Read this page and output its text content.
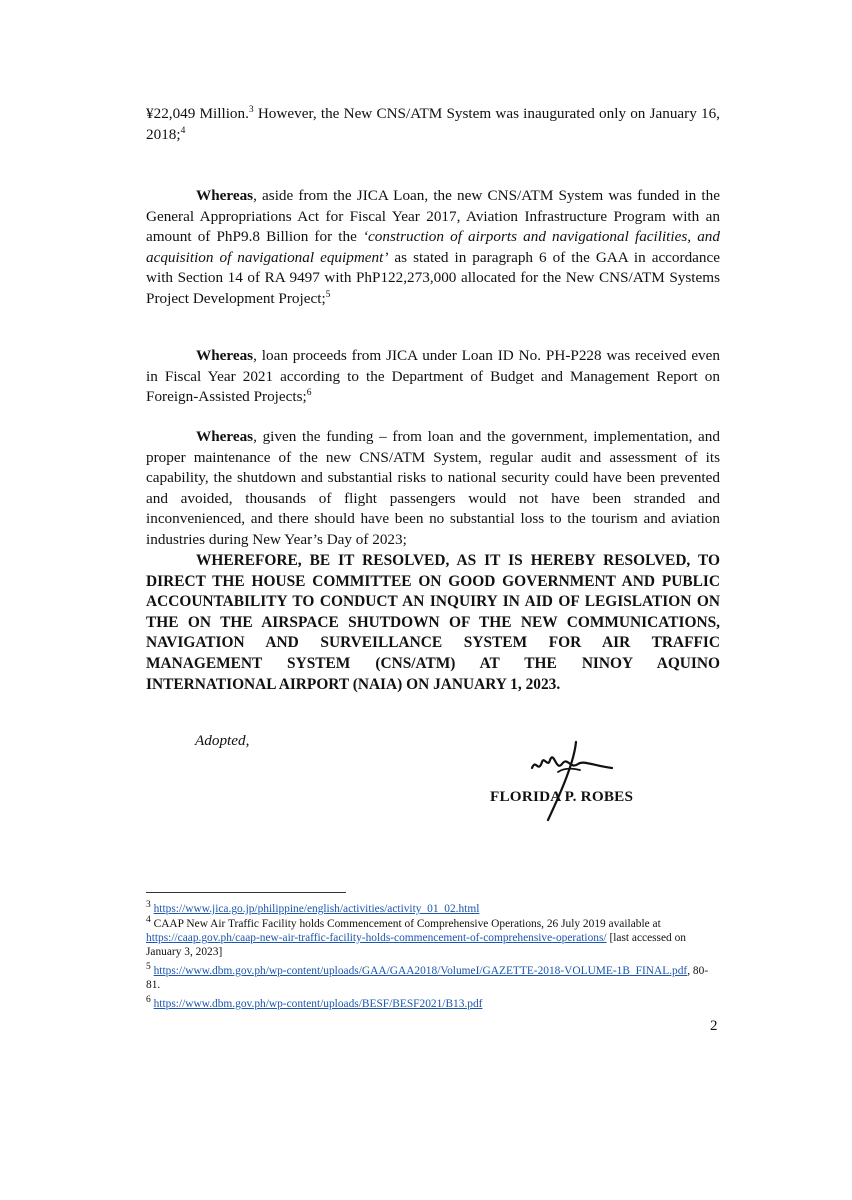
¥22,049 Million.$^3$ However, the New CNS/ATM System was inaugurated only on January 16, 2018;$^4$

Whereas, aside from the JICA Loan, the new CNS/ATM System was funded in the General Appropriations Act for Fiscal Year 2017, Aviation Infrastructure Program with an amount of PhP9.8 Billion for the ‘construction of airports and navigational facilities, and acquisition of navigational equipment’ as stated in paragraph 6 of the GAA in accordance with Section 14 of RA 9497 with PhP122,273,000 allocated for the New CNS/ATM Systems Project Development Project;$^5$

Whereas, loan proceeds from JICA under Loan ID No. PH-P228 was received even in Fiscal Year 2021 according to the Department of Budget and Management Report on Foreign-Assisted Projects;$^6$

Whereas, given the funding – from loan and the government, implementation, and proper maintenance of the new CNS/ATM System, regular audit and assessment of its capability, the shutdown and substantial risks to national security could have been prevented and avoided, thousands of flight passengers would not have been stranded and inconvenienced, and there should have been no substantial loss to the tourism and aviation industries during New Year’s Day of 2023;

WHEREFORE, BE IT RESOLVED, AS IT IS HEREBY RESOLVED, TO DIRECT THE HOUSE COMMITTEE ON GOOD GOVERNMENT AND PUBLIC ACCOUNTABILITY TO CONDUCT AN INQUIRY IN AID OF LEGISLATION ON THE ON THE AIRSPACE SHUTDOWN OF THE NEW COMMUNICATIONS, NAVIGATION AND SURVEILLANCE SYSTEM FOR AIR TRAFFIC MANAGEMENT SYSTEM (CNS/ATM) AT THE NINOY AQUINO INTERNATIONAL AIRPORT (NAIA) ON JANUARY 1, 2023.

Adopted,
FLORIDA P. ROBES
$^3$ https://www.jica.go.jp/philippine/english/activities/activity_01_02.html
$^4$ CAAP New Air Traffic Facility holds Commencement of Comprehensive Operations, 26 July 2019 available at https://caap.gov.ph/caap-new-air-traffic-facility-holds-commencement-of-comprehensive-operations/ [last accessed on January 3, 2023]
$^5$ https://www.dbm.gov.ph/wp-content/uploads/GAA/GAA2018/VolumeI/GAZETTE-2018-VOLUME-1B_FINAL.pdf, 80-81.
$^6$ https://www.dbm.gov.ph/wp-content/uploads/BESF/BESF2021/B13.pdf
2
